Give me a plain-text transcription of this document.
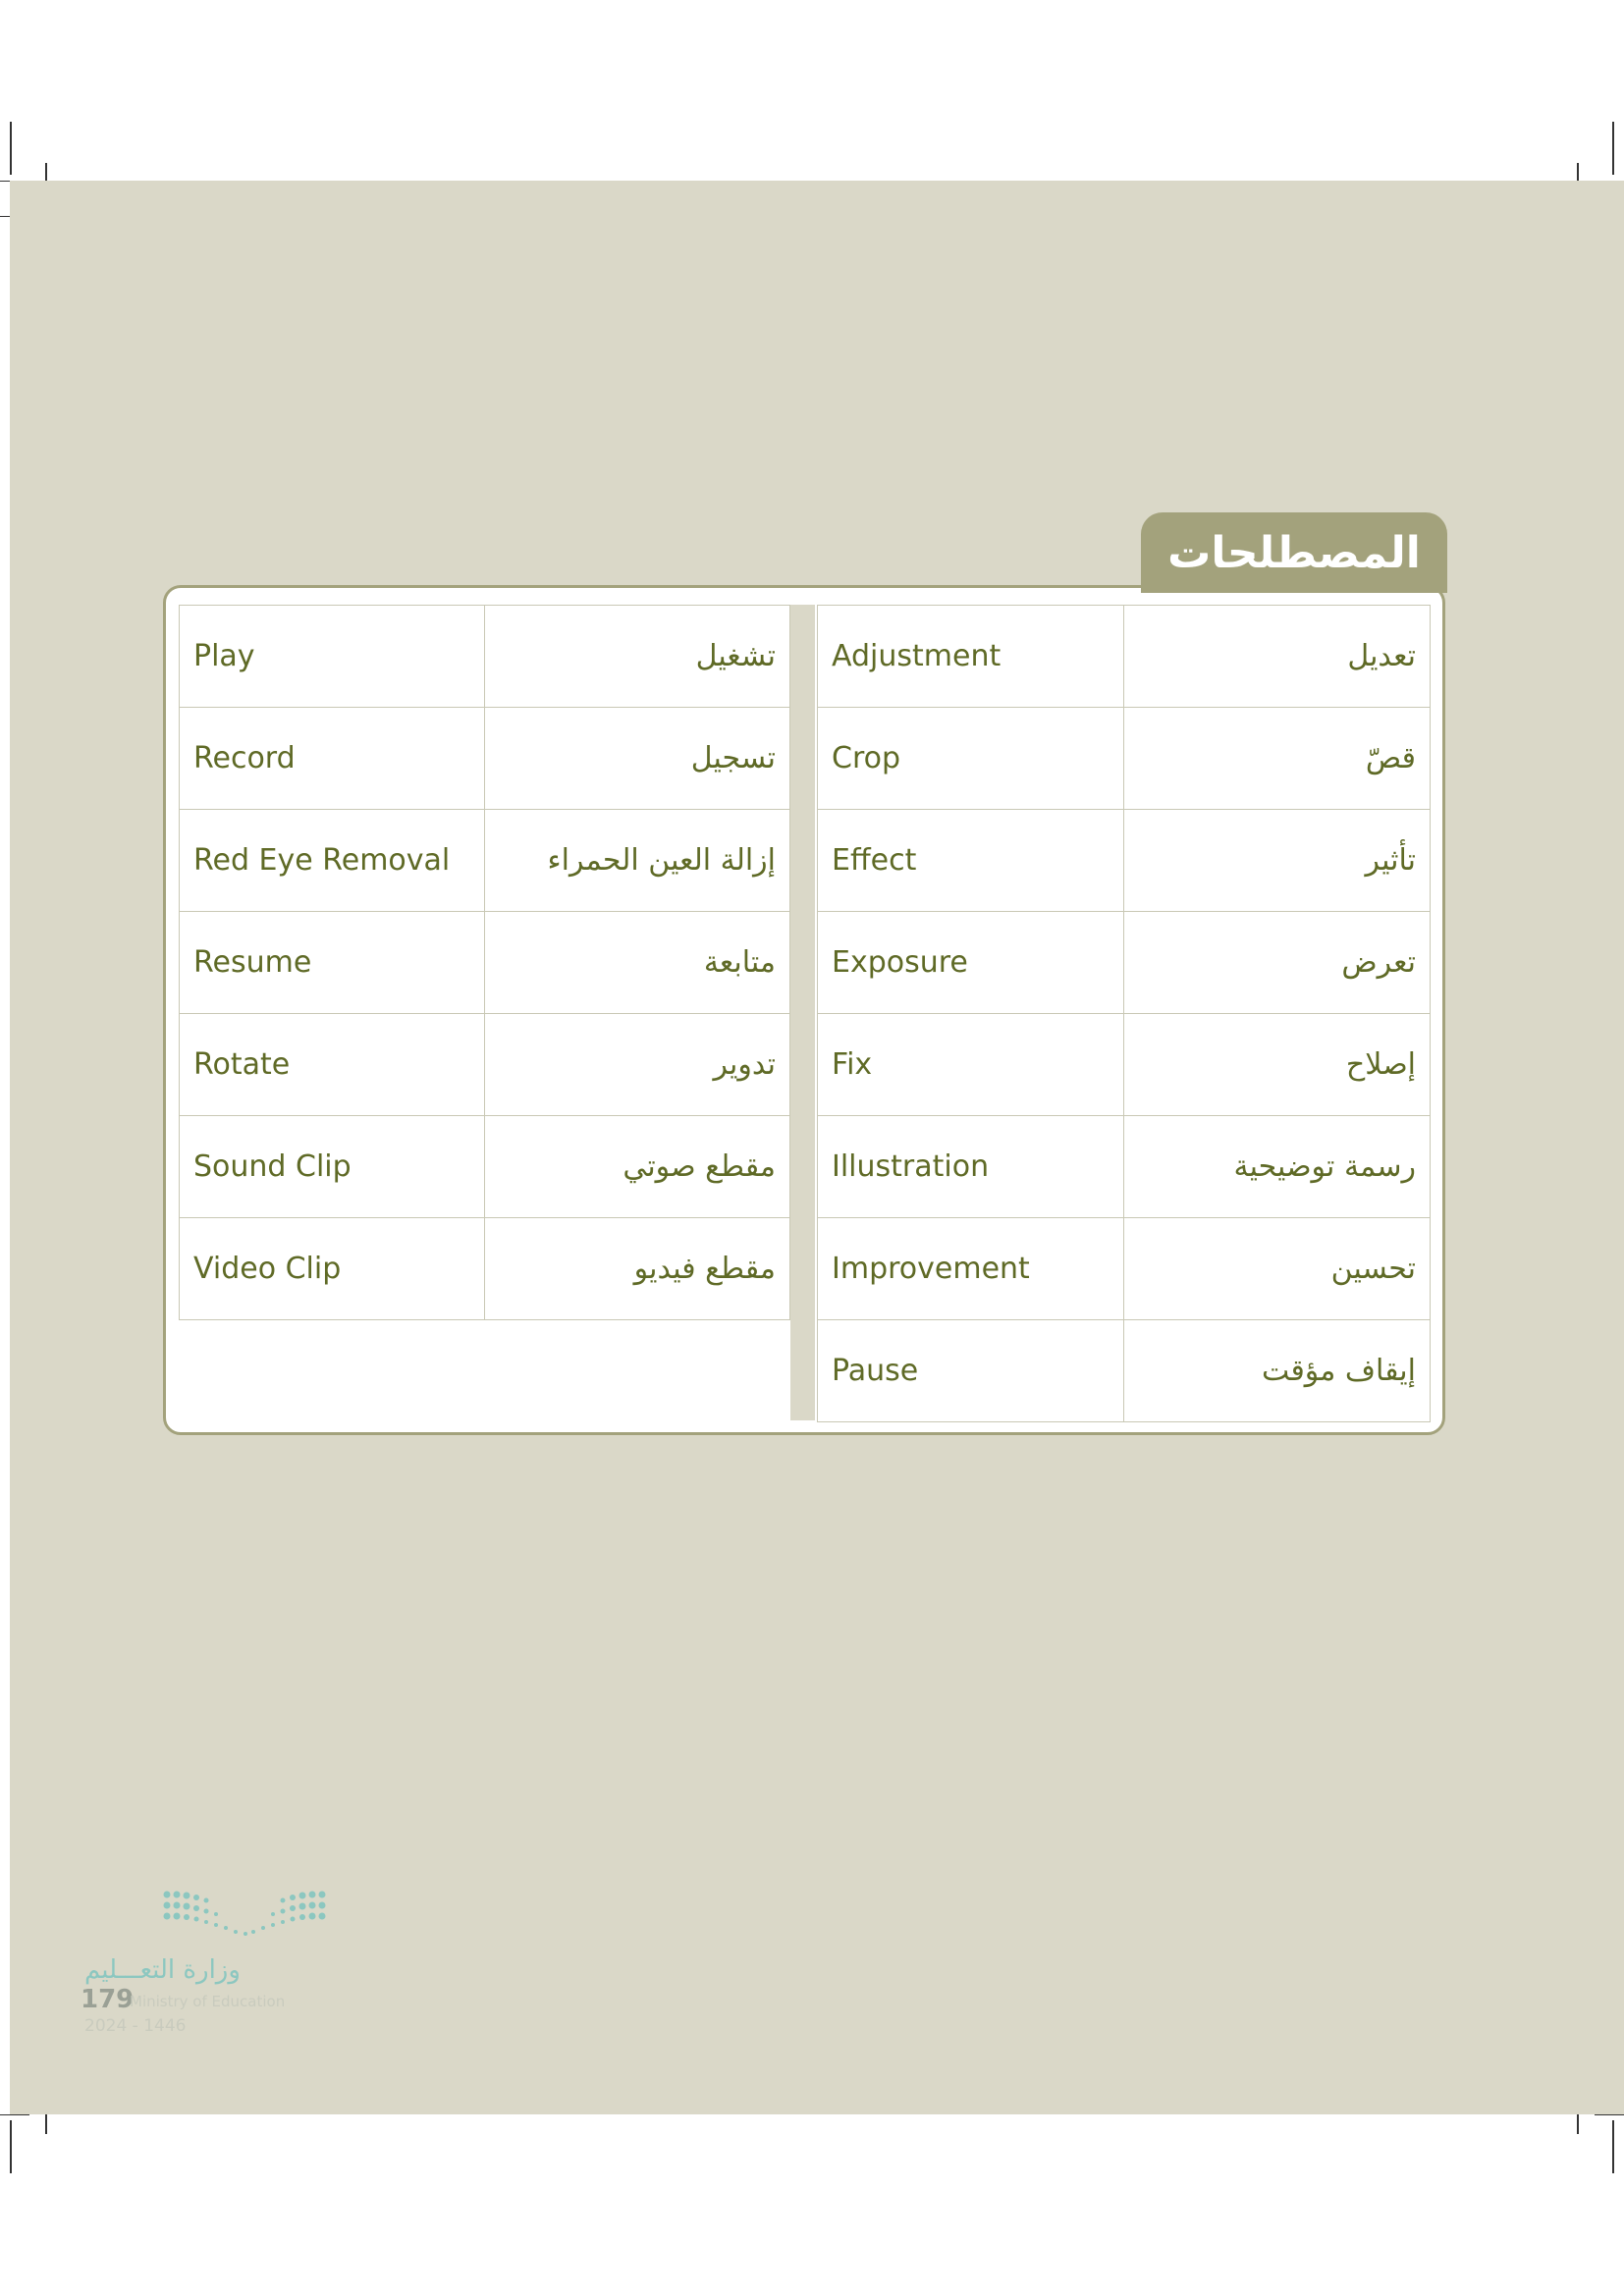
المصطلحات
Play	تشغيل
Record	تسجيل
Red Eye Removal	إزالة العين الحمراء
Resume	متابعة
Rotate	تدوير
Sound Clip	مقطع صوتي
Video Clip	مقطع فيديو
Adjustment	تعديل
Crop	قصّ
Effect	تأثير
Exposure	تعرض
Fix	إصلاح
Illustration	رسمة توضيحية
Improvement	تحسين
Pause	إيقاف مؤقت
وزارة التعـــليم
179
Ministry of Education
2024 - 1446
